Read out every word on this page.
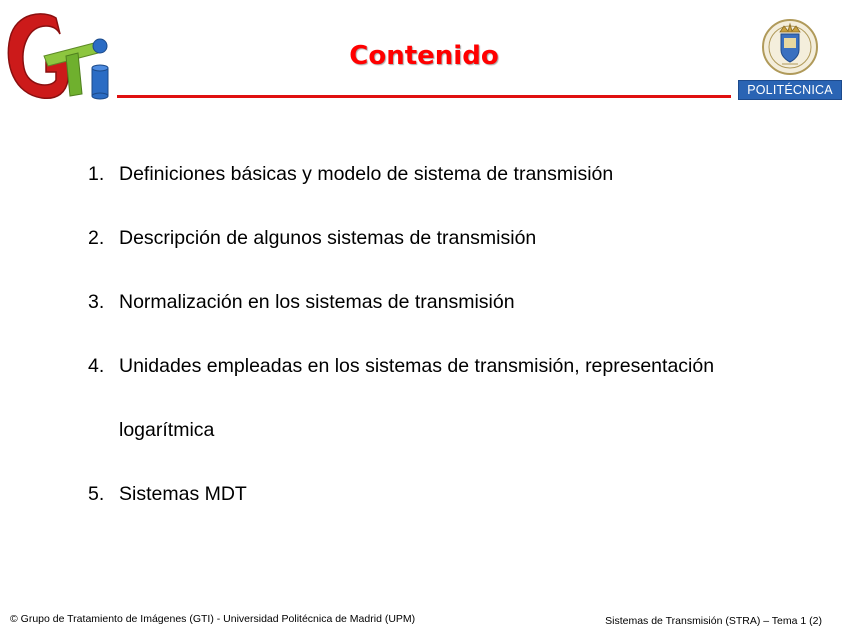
Contenido
POLITÉCNICA
1. Definiciones básicas y modelo de sistema de transmisión
2. Descripción de algunos sistemas de transmisión
3. Normalización en los sistemas de transmisión
4. Unidades empleadas en los sistemas de transmisión, representación logarítmica
5. Sistemas MDT
© Grupo de Tratamiento de Imágenes (GTI) - Universidad Politécnica de Madrid (UPM)	Sistemas de Transmisión (STRA) – Tema 1 (2)
